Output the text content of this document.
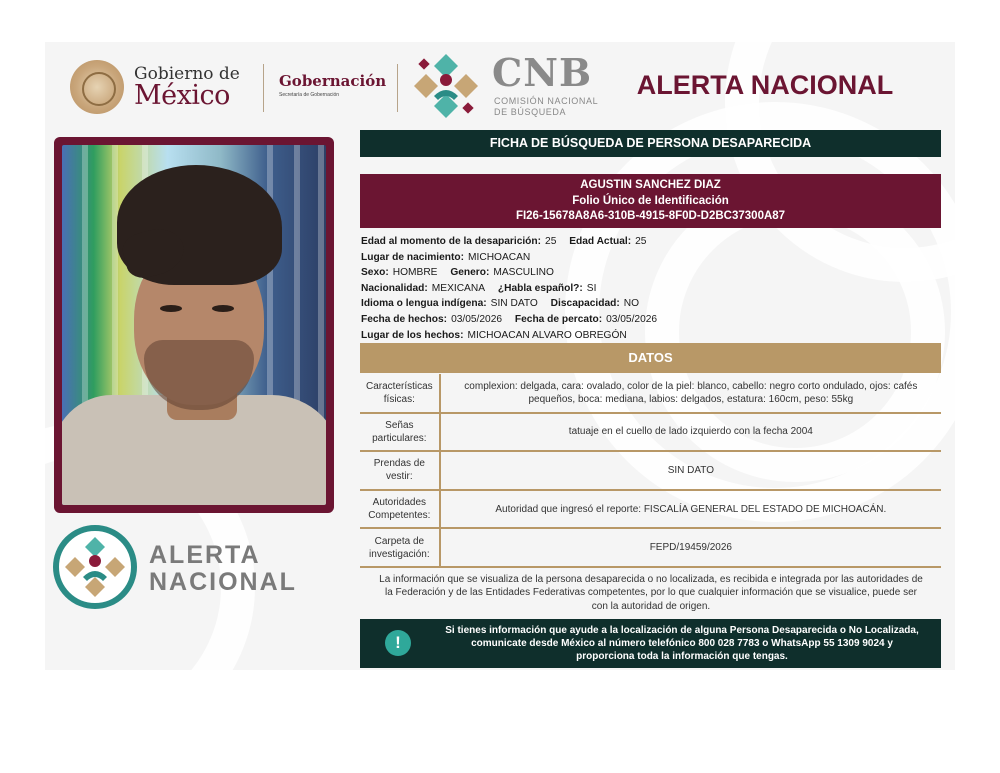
Gobierno de
México	Gobernación
Secretaría de Gobernación	CNB
COMISIÓN NACIONAL
DE BÚSQUEDA
ALERTA NACIONAL
ALERTA
NACIONAL
FICHA DE BÚSQUEDA DE PERSONA DESAPARECIDA
AGUSTIN SANCHEZ DIAZ
Folio Único de Identificación
FI26-15678A8A6-310B-4915-8F0D-D2BC37300A87
Edad al momento de la desaparición: 25 Edad Actual: 25
Lugar de nacimiento: MICHOACAN
Sexo: HOMBRE Genero: MASCULINO
Nacionalidad: MEXICANA ¿Habla español?: SI
Idioma o lengua indígena: SIN DATO Discapacidad: NO
Fecha de hechos: 03/05/2026 Fecha de percato: 03/05/2026
Lugar de los hechos: MICHOACAN ALVARO OBREGÓN
DATOS
Características
físicas:	complexion: delgada, cara: ovalado, color de la piel: blanco, cabello: negro corto ondulado, ojos: cafés
pequeños, boca: mediana, labios: delgados, estatura: 160cm, peso: 55kg
Señas
particulares:	tatuaje en el cuello de lado izquierdo con la fecha 2004
Prendas de
vestir:	SIN DATO
Autoridades
Competentes:	Autoridad que ingresó el reporte: FISCALÍA GENERAL DEL ESTADO DE MICHOACÁN.
Carpeta de
investigación:	FEPD/19459/2026
La información que se visualiza de la persona desaparecida o no localizada, es recibida e integrada por las autoridades de
la Federación y de las Entidades Federativas competentes, por lo que cualquier información que se visualice, puede ser
con la autoridad de origen.
!
Si tienes información que ayude a la localización de alguna Persona Desaparecida o No Localizada,
comunicate desde México al número telefónico 800 028 7783 o WhatsApp 55 1309 9024 y
proporciona toda la información que tengas.
